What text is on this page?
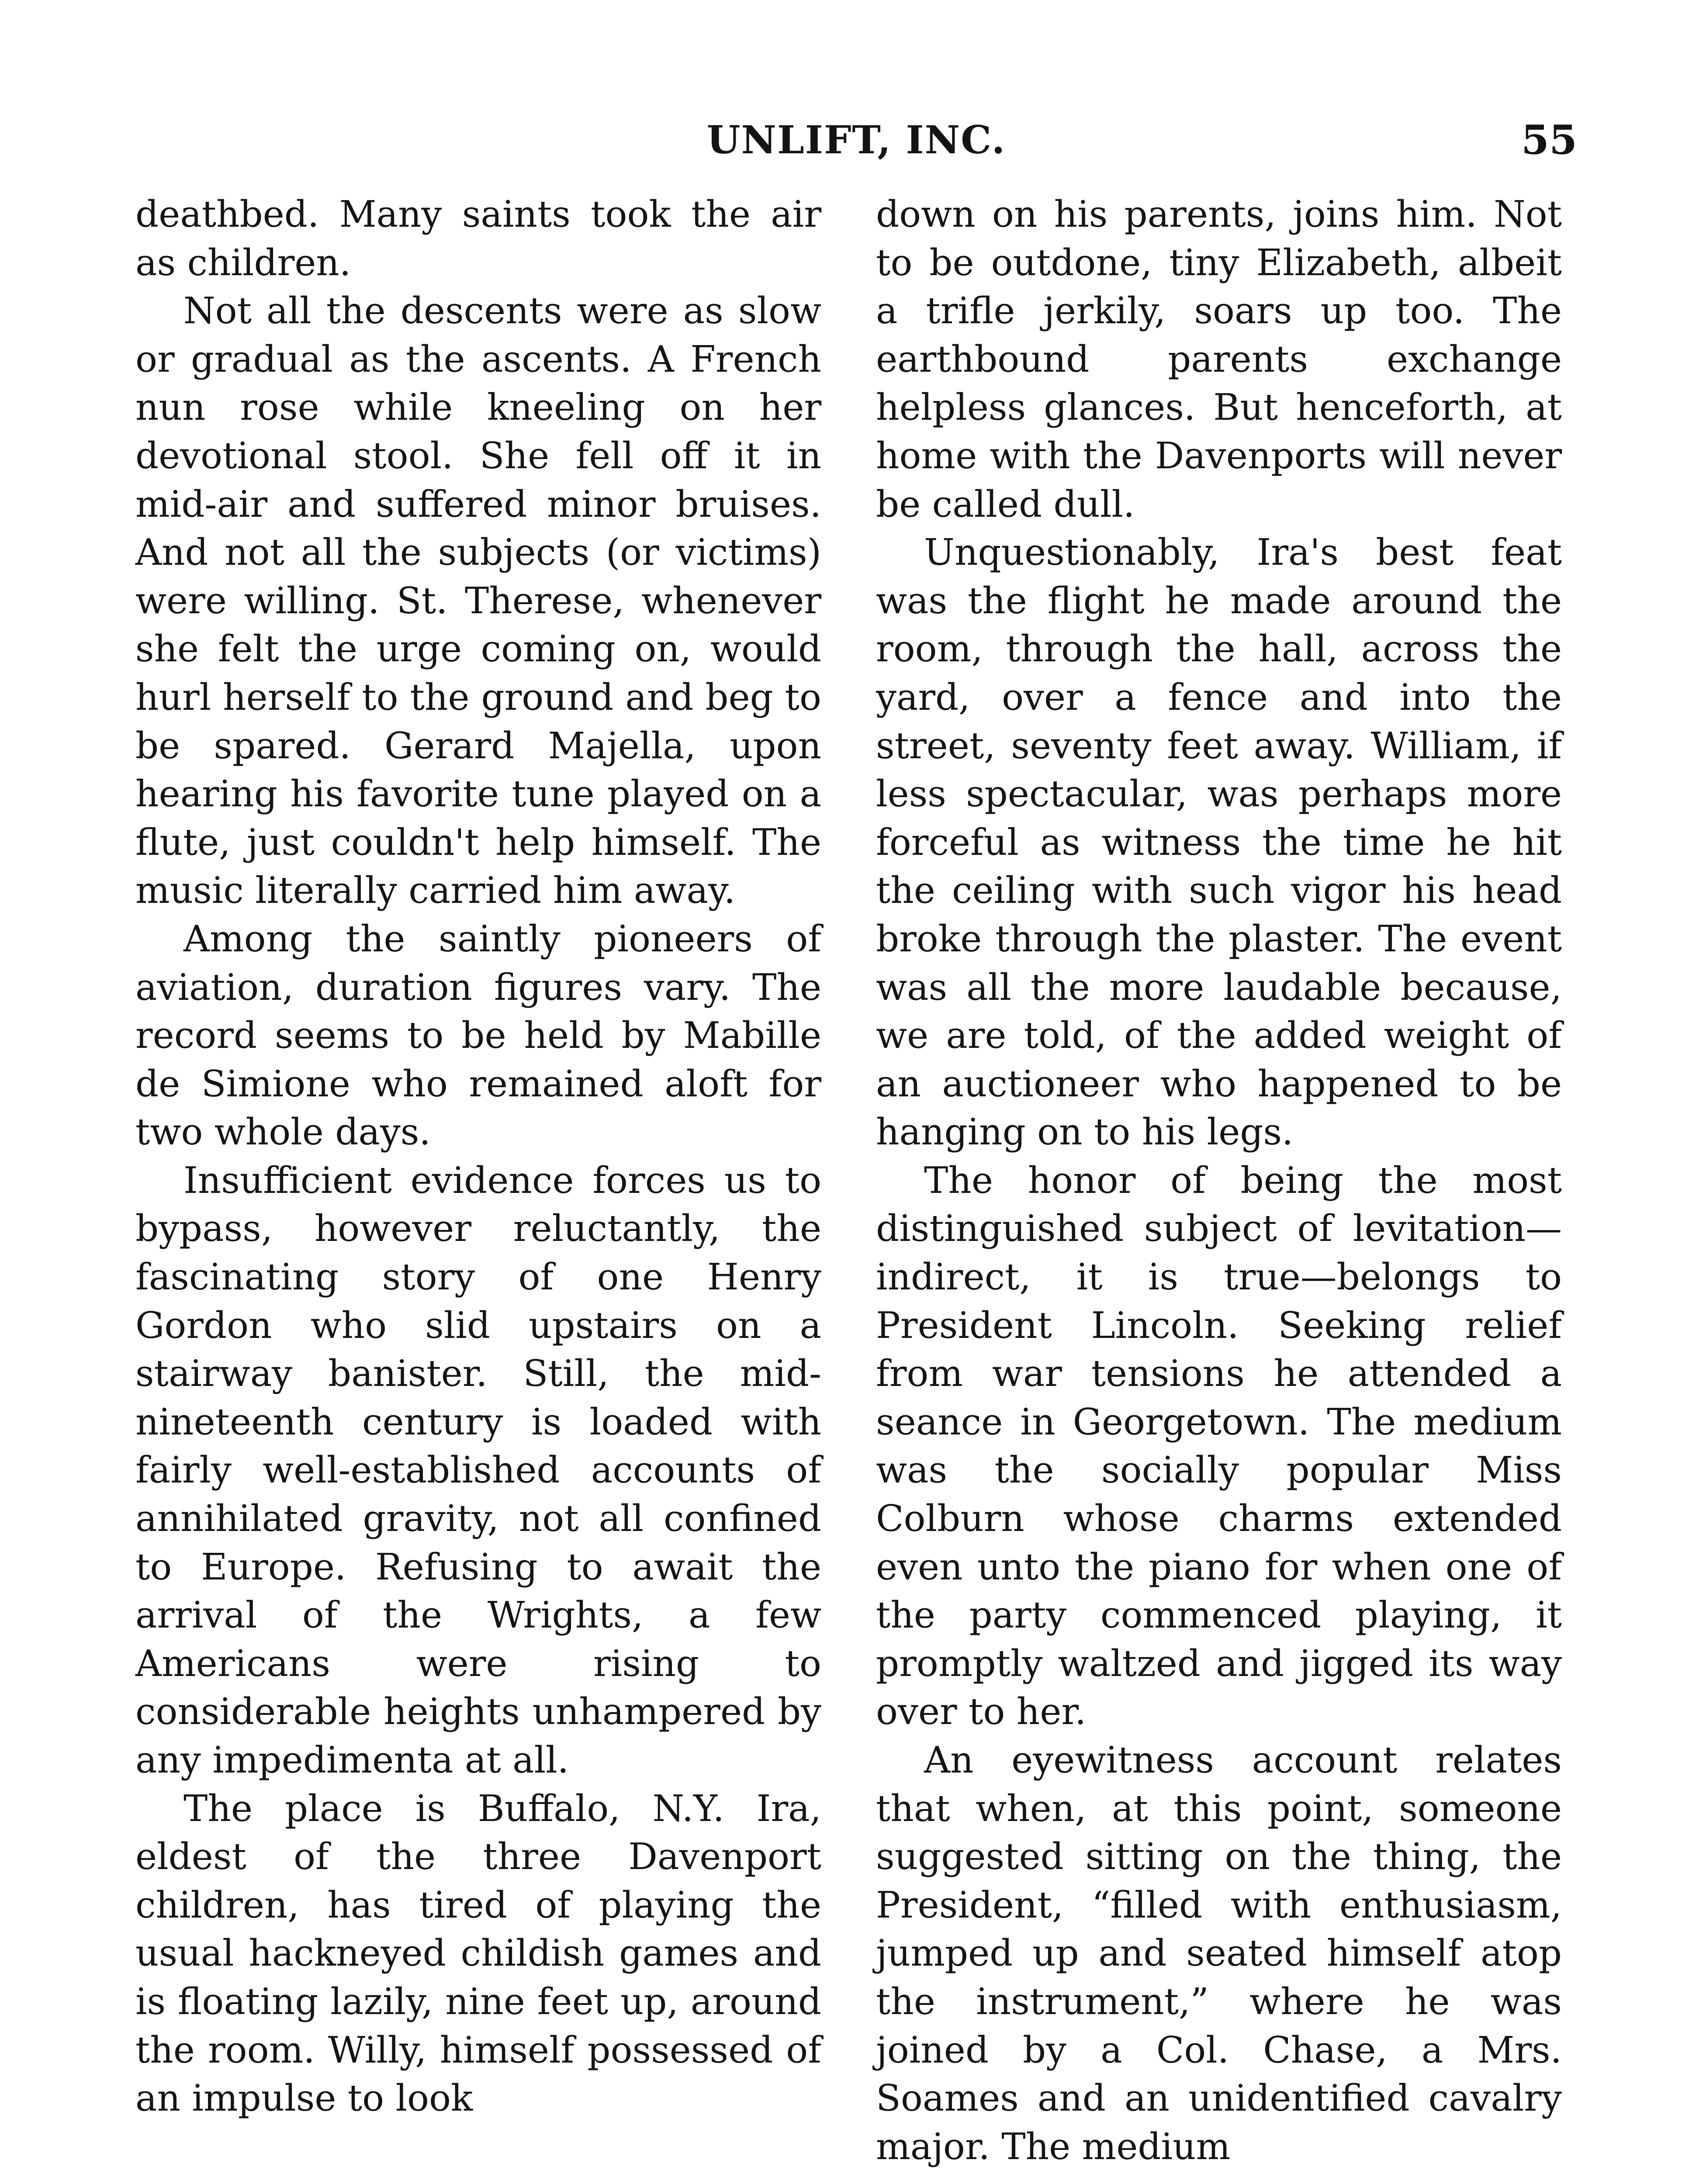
UNLIFT, INC.	55

deathbed. Many saints took the air as children.

Not all the descents were as slow or gradual as the ascents. A French nun rose while kneeling on her devotional stool. She fell off it in mid-air and suffered minor bruises. And not all the subjects (or victims) were willing. St. Therese, whenever she felt the urge coming on, would hurl herself to the ground and beg to be spared. Gerard Majella, upon hearing his favorite tune played on a flute, just couldn't help himself. The music literally carried him away.

Among the saintly pioneers of aviation, duration figures vary. The record seems to be held by Mabille de Simione who remained aloft for two whole days.

Insufficient evidence forces us to bypass, however reluctantly, the fascinating story of one Henry Gordon who slid upstairs on a stairway banister. Still, the mid-nineteenth century is loaded with fairly well-established accounts of annihilated gravity, not all confined to Europe. Refusing to await the arrival of the Wrights, a few Americans were rising to considerable heights unhampered by any impedimenta at all.

The place is Buffalo, N.Y. Ira, eldest of the three Davenport children, has tired of playing the usual hackneyed childish games and is floating lazily, nine feet up, around the room. Willy, himself possessed of an impulse to look

down on his parents, joins him. Not to be outdone, tiny Elizabeth, albeit a trifle jerkily, soars up too. The earthbound parents exchange helpless glances. But henceforth, at home with the Davenports will never be called dull.

Unquestionably, Ira's best feat was the flight he made around the room, through the hall, across the yard, over a fence and into the street, seventy feet away. William, if less spectacular, was perhaps more forceful as witness the time he hit the ceiling with such vigor his head broke through the plaster. The event was all the more laudable because, we are told, of the added weight of an auctioneer who happened to be hanging on to his legs.

The honor of being the most distinguished subject of levitation—indirect, it is true—belongs to President Lincoln. Seeking relief from war tensions he attended a seance in Georgetown. The medium was the socially popular Miss Colburn whose charms extended even unto the piano for when one of the party commenced playing, it promptly waltzed and jigged its way over to her.

An eyewitness account relates that when, at this point, someone suggested sitting on the thing, the President, “filled with enthusiasm, jumped up and seated himself atop the instrument,” where he was joined by a Col. Chase, a Mrs. Soames and an unidentified cavalry major. The medium
